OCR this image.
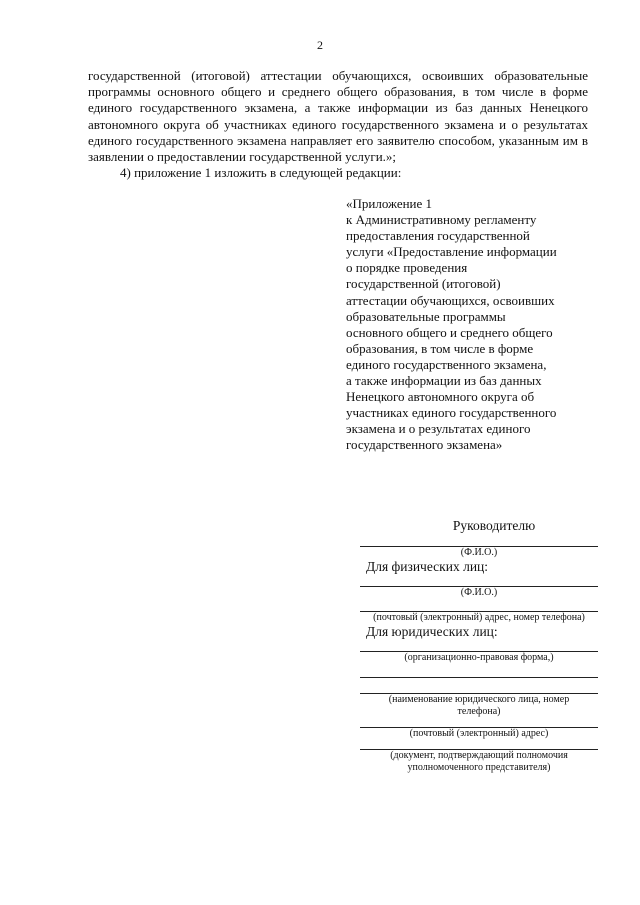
2

государственной (итоговой) аттестации обучающихся, освоивших образовательные программы основного общего и среднего общего образования, в том числе в форме единого государственного экзамена, а также информации из баз данных Ненецкого автономного округа об участниках единого государственного экзамена и о результатах единого государственного экзамена направляет его заявителю способом, указанным им в заявлении о предоставлении государственной услуги.»;

4) приложение 1 изложить в следующей редакции:

«Приложение 1
к Административному регламенту
предоставления государственной
услуги «Предоставление информации
о порядке проведения
государственной (итоговой)
аттестации обучающихся, освоивших
образовательные программы
основного общего и среднего общего
образования, в том числе в форме
единого государственного экзамена,
а также информации из баз данных
Ненецкого автономного округа об
участниках единого государственного
экзамена и о результатах единого
государственного экзамена»
Руководителю
(Ф.И.О.)
Для физических лиц:
(Ф.И.О.)
(почтовый (электронный) адрес, номер телефона)
Для юридических лиц:
(организационно-правовая форма,)
(наименование юридического лица, номер телефона)
(почтовый (электронный) адрес)
(документ, подтверждающий полномочия уполномоченного представителя)
